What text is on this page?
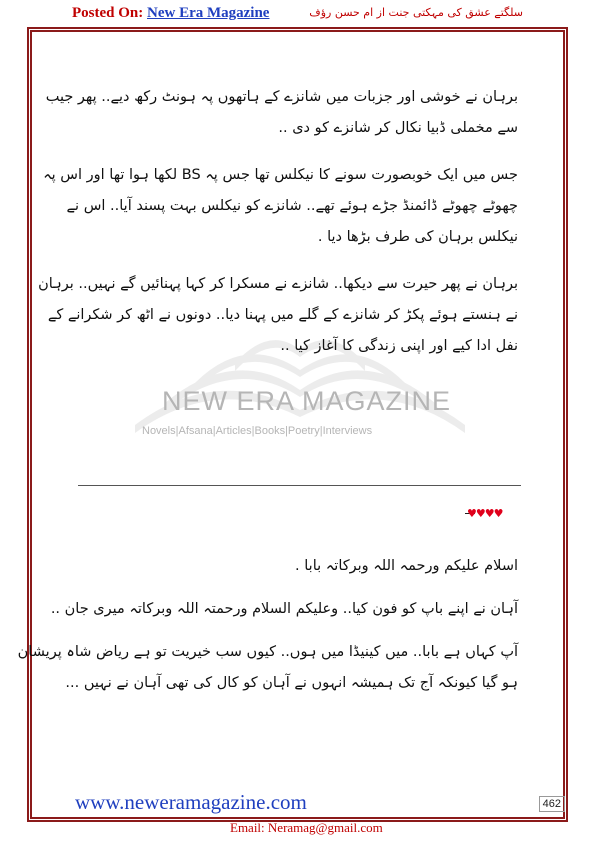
Posted On: New Era Magazine	سلگتے عشق کی مہکتی جنت از ام حسن رؤف
NEW ERA MAGAZINE
Novels|Afsana|Articles|Books|Poetry|Interviews
برہان نے خوشی اور جزبات میں شانزے کے ہاتھوں پہ ہونٹ رکھ دیے.. پھر جیب
سے مخملی ڈبیا نکال کر شانزے کو دی ..
جس میں ایک خوبصورت سونے کا نیکلس تھا جس پہ BS لکھا ہوا تھا اور اس پہ
چھوٹے چھوٹے ڈائمنڈ جڑے ہوئے تھے.. شانزے کو نیکلس بہت پسند آیا.. اس نے
نیکلس برہان کی طرف بڑھا دیا .
برہان نے پھر حیرت سے دیکھا.. شانزے نے مسکرا کر کہا پہنائیں گے نہیں.. برہان
نے ہنستے ہوئے پکڑ کر شانزے کے گلے میں پہنا دیا.. دونوں نے اٹھ کر شکرانے کے
نفل ادا کیے اور اپنی زندگی کا آغاز کیا ..
♥♥♥♥
اسلام علیکم ورحمہ اللہ وبرکاتہ بابا .
آہان نے اپنے باپ کو فون کیا.. وعلیکم السلام ورحمتہ اللہ وبرکاتہ میری جان ..
آپ کہاں ہے بابا.. میں کینیڈا میں ہوں.. کیوں سب خیریت تو ہے ریاض شاہ پریشان
ہو گیا کیونکہ آج تک ہمیشہ انہوں نے آہان کو کال کی تھی آہان نے نہیں ...
www.neweramagazine.com	462
Email: Neramag@gmail.com
